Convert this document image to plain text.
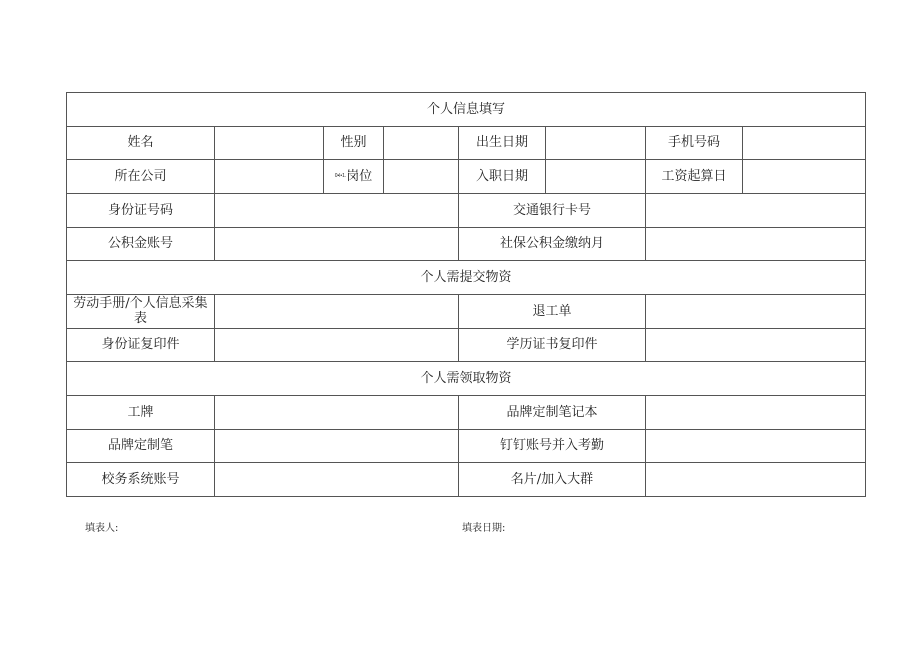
个人信息填写							
姓名		性别		出生日期		手机号码	
所在公司		0•l•1.岗位		入职日期		工资起算日	
身份证号码				交通银行卡号			
公积金账号				社保公积金缴纳月			
个人需提交物资							
劳动手册/个人信息采集表				退工单			
身份证复印件				学历证书复印件			
个人需领取物资							
工牌				品牌定制笔记本			
品牌定制笔				钉钉账号并入考勤			
校务系统账号				名片/加入大群			
填表人:	填表日期:
